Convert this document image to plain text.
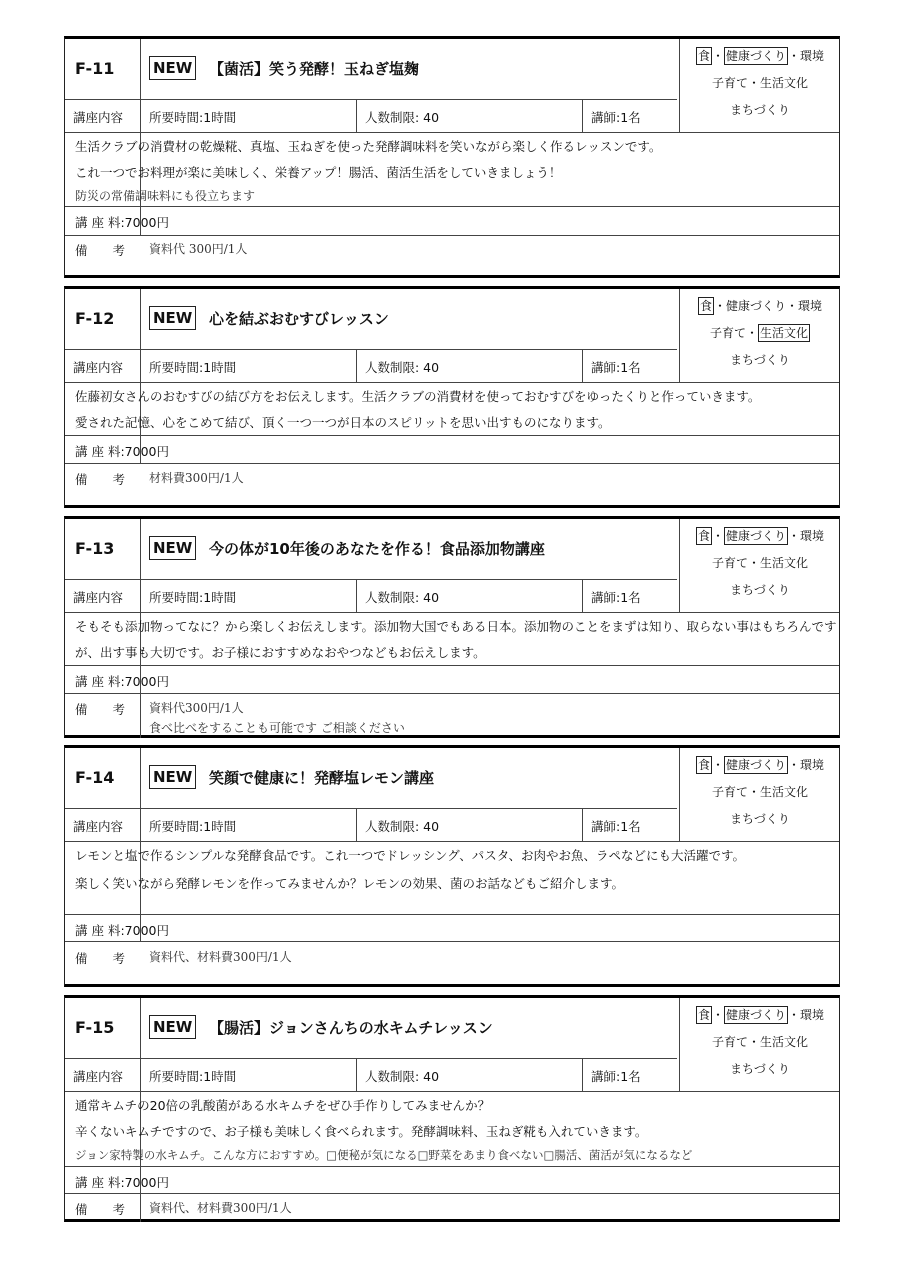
F-11	NEW 【菌活】笑う発酵！玉ねぎ塩麹
食 ・ 健康づくり ・環境
子育て・生活文化
まちづくり
講座内容 所要時間:1時間	人数制限: 40	講師:1名
生活クラブの消費材の乾燥糀、真塩、玉ねぎを使った発酵調味料を笑いながら楽しく作るレッスンです。
これ一つでお料理が楽に美味しく、栄養アップ！腸活、菌活生活をしていきましょう！
防災の常備調味料にも役立ちます
講 座 料:7000円
備　　考 資料代 300円/1人
F-12	NEW 心を結ぶおむすびレッスン
食 ・健康づくり・環境
子育て・ 生活文化
まちづくり
講座内容 所要時間:1時間	人数制限: 40	講師:1名
佐藤初女さんのおむすびの結び方をお伝えします。生活クラブの消費材を使っておむすびをゆったくりと作っていきます。
愛された記憶、心をこめて結び、頂く一つ一つが日本のスピリットを思い出すものになります。
講 座 料:7000円
備　　考 材料費300円/1人
F-13	NEW 今の体が10年後のあなたを作る！食品添加物講座
食 ・ 健康づくり ・環境
子育て・生活文化
まちづくり
講座内容 所要時間:1時間	人数制限: 40	講師:1名
そもそも添加物ってなに？から楽しくお伝えします。添加物大国でもある日本。添加物のことをまずは知り、取らない事はもちろんです
が、出す事も大切です。お子様におすすめなおやつなどもお伝えします。
講 座 料:7000円
備　　考 資料代300円/1人
食べ比べをすることも可能です ご相談ください
F-14	NEW 笑顔で健康に！発酵塩レモン講座
食 ・ 健康づくり ・環境
子育て・生活文化
まちづくり
講座内容 所要時間:1時間	人数制限: 40	講師:1名
レモンと塩で作るシンプルな発酵食品です。これ一つでドレッシング、パスタ、お肉やお魚、ラペなどにも大活躍です。
楽しく笑いながら発酵レモンを作ってみませんか？レモンの効果、菌のお話などもご紹介します。
講 座 料:7000円
備　　考 資料代、材料費300円/1人
F-15	NEW 【腸活】ジョンさんちの水キムチレッスン
食 ・ 健康づくり ・環境
子育て・生活文化
まちづくり
講座内容 所要時間:1時間	人数制限: 40	講師:1名
通常キムチの20倍の乳酸菌がある水キムチをぜひ手作りしてみませんか？
辛くないキムチですので、お子様も美味しく食べられます。発酵調味料、玉ねぎ糀も入れていきます。
ジョン家特製の水キムチ。こんな方におすすめ。□便秘が気になる□野菜をあまり食べない□腸活、菌活が気になるなど
講 座 料:7000円
備　　考 資料代、材料費300円/1人
